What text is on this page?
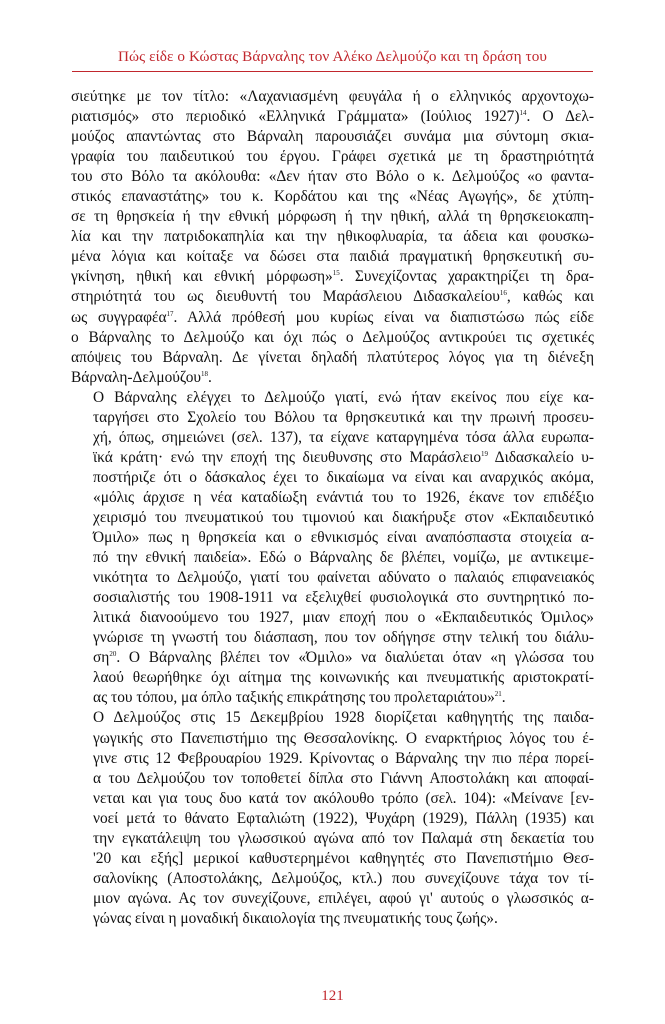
Πώς είδε ο Κώστας Βάρναλης τον Αλέκο Δελμούζο και τη δράση του

σιεύτηκε με τον τίτλο: «Λαχανιασμένη φευγάλα ή ο ελληνικός αρχοντοχω-
ριατισμός» στο περιοδικό «Ελληνικά Γράμματα» (Ιούλιος 1927)$^{14}$. Ο Δελ-
μούζος απαντώντας στο Βάρναλη παρουσιάζει συνάμα μια σύντομη σκια-
γραφία του παιδευτικού του έργου. Γράφει σχετικά με τη δραστηριότητά
του στο Βόλο τα ακόλουθα: «Δεν ήταν στο Βόλο ο κ. Δελμούζος «ο φαντα-
στικός επαναστάτης» του κ. Κορδάτου και της «Νέας Αγωγής», δε χτύπη-
σε τη θρησκεία ή την εθνική μόρφωση ή την ηθική, αλλά τη θρησκειοκαπη-
λία και την πατριδοκαπηλία και την ηθικοφλυαρία, τα άδεια και φουσκω-
μένα λόγια και κοίταξε να δώσει στα παιδιά πραγματική θρησκευτική συ-
γκίνηση, ηθική και εθνική μόρφωση»$^{15}$. Συνεχίζοντας χαρακτηρίζει τη δρα-
στηριότητά του ως διευθυντή του Μαράσλειου Διδασκαλείου$^{16}$, καθώς και
ως συγγραφέα$^{17}$. Αλλά πρόθεσή μου κυρίως είναι να διαπιστώσω πώς είδε
ο Βάρναλης το Δελμούζο και όχι πώς ο Δελμούζος αντικρούει τις σχετικές
απόψεις του Βάρναλη. Δε γίνεται δηλαδή πλατύτερος λόγος για τη διένεξη
Βάρναλη-Δελμούζου$^{18}$.

Ο Βάρναλης ελέγχει το Δελμούζο γιατί, ενώ ήταν εκείνος που είχε κα-
ταργήσει στο Σχολείο του Βόλου τα θρησκευτικά και την πρωινή προσευ-
χή, όπως, σημειώνει (σελ. 137), τα είχανε καταργημένα τόσα άλλα ευρωπα-
ϊκά κράτη· ενώ την εποχή της διευθυνσης στο Μαράσλειο$^{19}$ Διδασκαλείο υ-
ποστήριζε ότι ο δάσκαλος έχει το δικαίωμα να είναι και αναρχικός ακόμα,
«μόλις άρχισε η νέα καταδίωξη ενάντιά του το 1926, έκανε τον επιδέξιο
χειρισμό του πνευματικού του τιμονιού και διακήρυξε στον «Εκπαιδευτικό
Όμιλο» πως η θρησκεία και ο εθνικισμός είναι αναπόσπαστα στοιχεία α-
πό την εθνική παιδεία». Εδώ ο Βάρναλης δε βλέπει, νομίζω, με αντικειμε-
νικότητα το Δελμούζο, γιατί του φαίνεται αδύνατο ο παλαιός επιφανειακός
σοσιαλιστής του 1908-1911 να εξελιχθεί φυσιολογικά στο συντηρητικό πο-
λιτικά διανοούμενο του 1927, μιαν εποχή που ο «Εκπαιδευτικός Όμιλος»
γνώρισε τη γνωστή του διάσπαση, που τον οδήγησε στην τελική του διάλυ-
$\sigma\eta^{20}$. Ο Βάρναλης βλέπει τον «Όμιλο» να διαλύεται όταν «η γλώσσα του
λαού θεωρήθηκε όχι αίτημα της κοινωνικής και πνευματικής αριστοκρατί-
ας του τόπου, μα όπλο ταξικής επικράτησης του προλεταριάτου»$^{21}$.

Ο Δελμούζος στις 15 Δεκεμβρίου 1928 διορίζεται καθηγητής της παιδα-
γωγικής στο Πανεπιστήμιο της Θεσσαλονίκης. Ο εναρκτήριος λόγος του έ-
γινε στις 12 Φεβρουαρίου 1929. Κρίνοντας ο Βάρναλης την πιο πέρα πορεί-
α του Δελμούζου τον τοποθετεί δίπλα στο Γιάννη Αποστολάκη και αποφαί-
νεται και για τους δυο κατά τον ακόλουθο τρόπο (σελ. 104): «Μείνανε [εν-
νοεί μετά το θάνατο Εφταλιώτη (1922), Ψυχάρη (1929), Πάλλη (1935) και
την εγκατάλειψη του γλωσσικού αγώνα από τον Παλαμά στη δεκαετία του
'20 και εξής] μερικοί καθυστερημένοι καθηγητές στο Πανεπιστήμιο Θεσ-
σαλονίκης (Αποστολάκης, Δελμούζος, κτλ.) που συνεχίζουνε τάχα τον τί-
μιον αγώνα. Ας τον συνεχίζουνε, επιλέγει, αφού γι' αυτούς ο γλωσσικός α-
γώνας είναι η μοναδική δικαιολογία της πνευματικής τους ζωής».

121
